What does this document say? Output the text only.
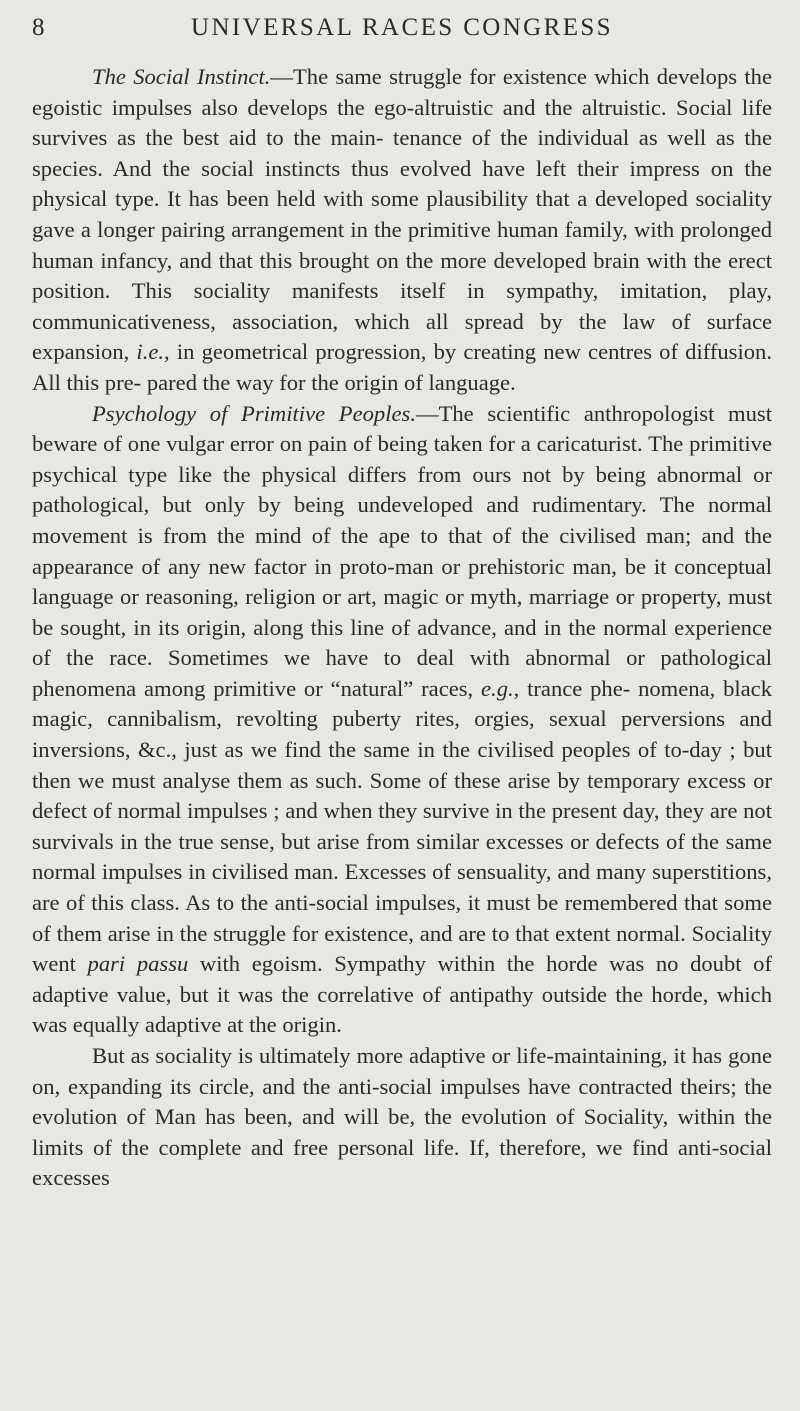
8	UNIVERSAL RACES CONGRESS

The Social Instinct.—The same struggle for existence which develops the egoistic impulses also develops the ego-altruistic and the altruistic. Social life survives as the best aid to the main- tenance of the individual as well as the species. And the social instincts thus evolved have left their impress on the physical type. It has been held with some plausibility that a developed sociality gave a longer pairing arrangement in the primitive human family, with prolonged human infancy, and that this brought on the more developed brain with the erect position. This sociality manifests itself in sympathy, imitation, play, communicativeness, association, which all spread by the law of surface expansion, i.e., in geometrical progression, by creating new centres of diffusion. All this pre- pared the way for the origin of language.

Psychology of Primitive Peoples.—The scientific anthropologist must beware of one vulgar error on pain of being taken for a caricaturist. The primitive psychical type like the physical differs from ours not by being abnormal or pathological, but only by being undeveloped and rudimentary. The normal movement is from the mind of the ape to that of the civilised man; and the appearance of any new factor in proto-man or prehistoric man, be it conceptual language or reasoning, religion or art, magic or myth, marriage or property, must be sought, in its origin, along this line of advance, and in the normal experience of the race. Sometimes we have to deal with abnormal or pathological phenomena among primitive or “natural” races, e.g., trance phe- nomena, black magic, cannibalism, revolting puberty rites, orgies, sexual perversions and inversions, &c., just as we find the same in the civilised peoples of to-day ; but then we must analyse them as such. Some of these arise by temporary excess or defect of normal impulses ; and when they survive in the present day, they are not survivals in the true sense, but arise from similar excesses or defects of the same normal impulses in civilised man. Excesses of sensuality, and many superstitions, are of this class. As to the anti-social impulses, it must be remembered that some of them arise in the struggle for existence, and are to that extent normal. Sociality went pari passu with egoism. Sympathy within the horde was no doubt of adaptive value, but it was the correlative of antipathy outside the horde, which was equally adaptive at the origin.

But as sociality is ultimately more adaptive or life-maintaining, it has gone on, expanding its circle, and the anti-social impulses have contracted theirs; the evolution of Man has been, and will be, the evolution of Sociality, within the limits of the complete and free personal life. If, therefore, we find anti-social excesses
